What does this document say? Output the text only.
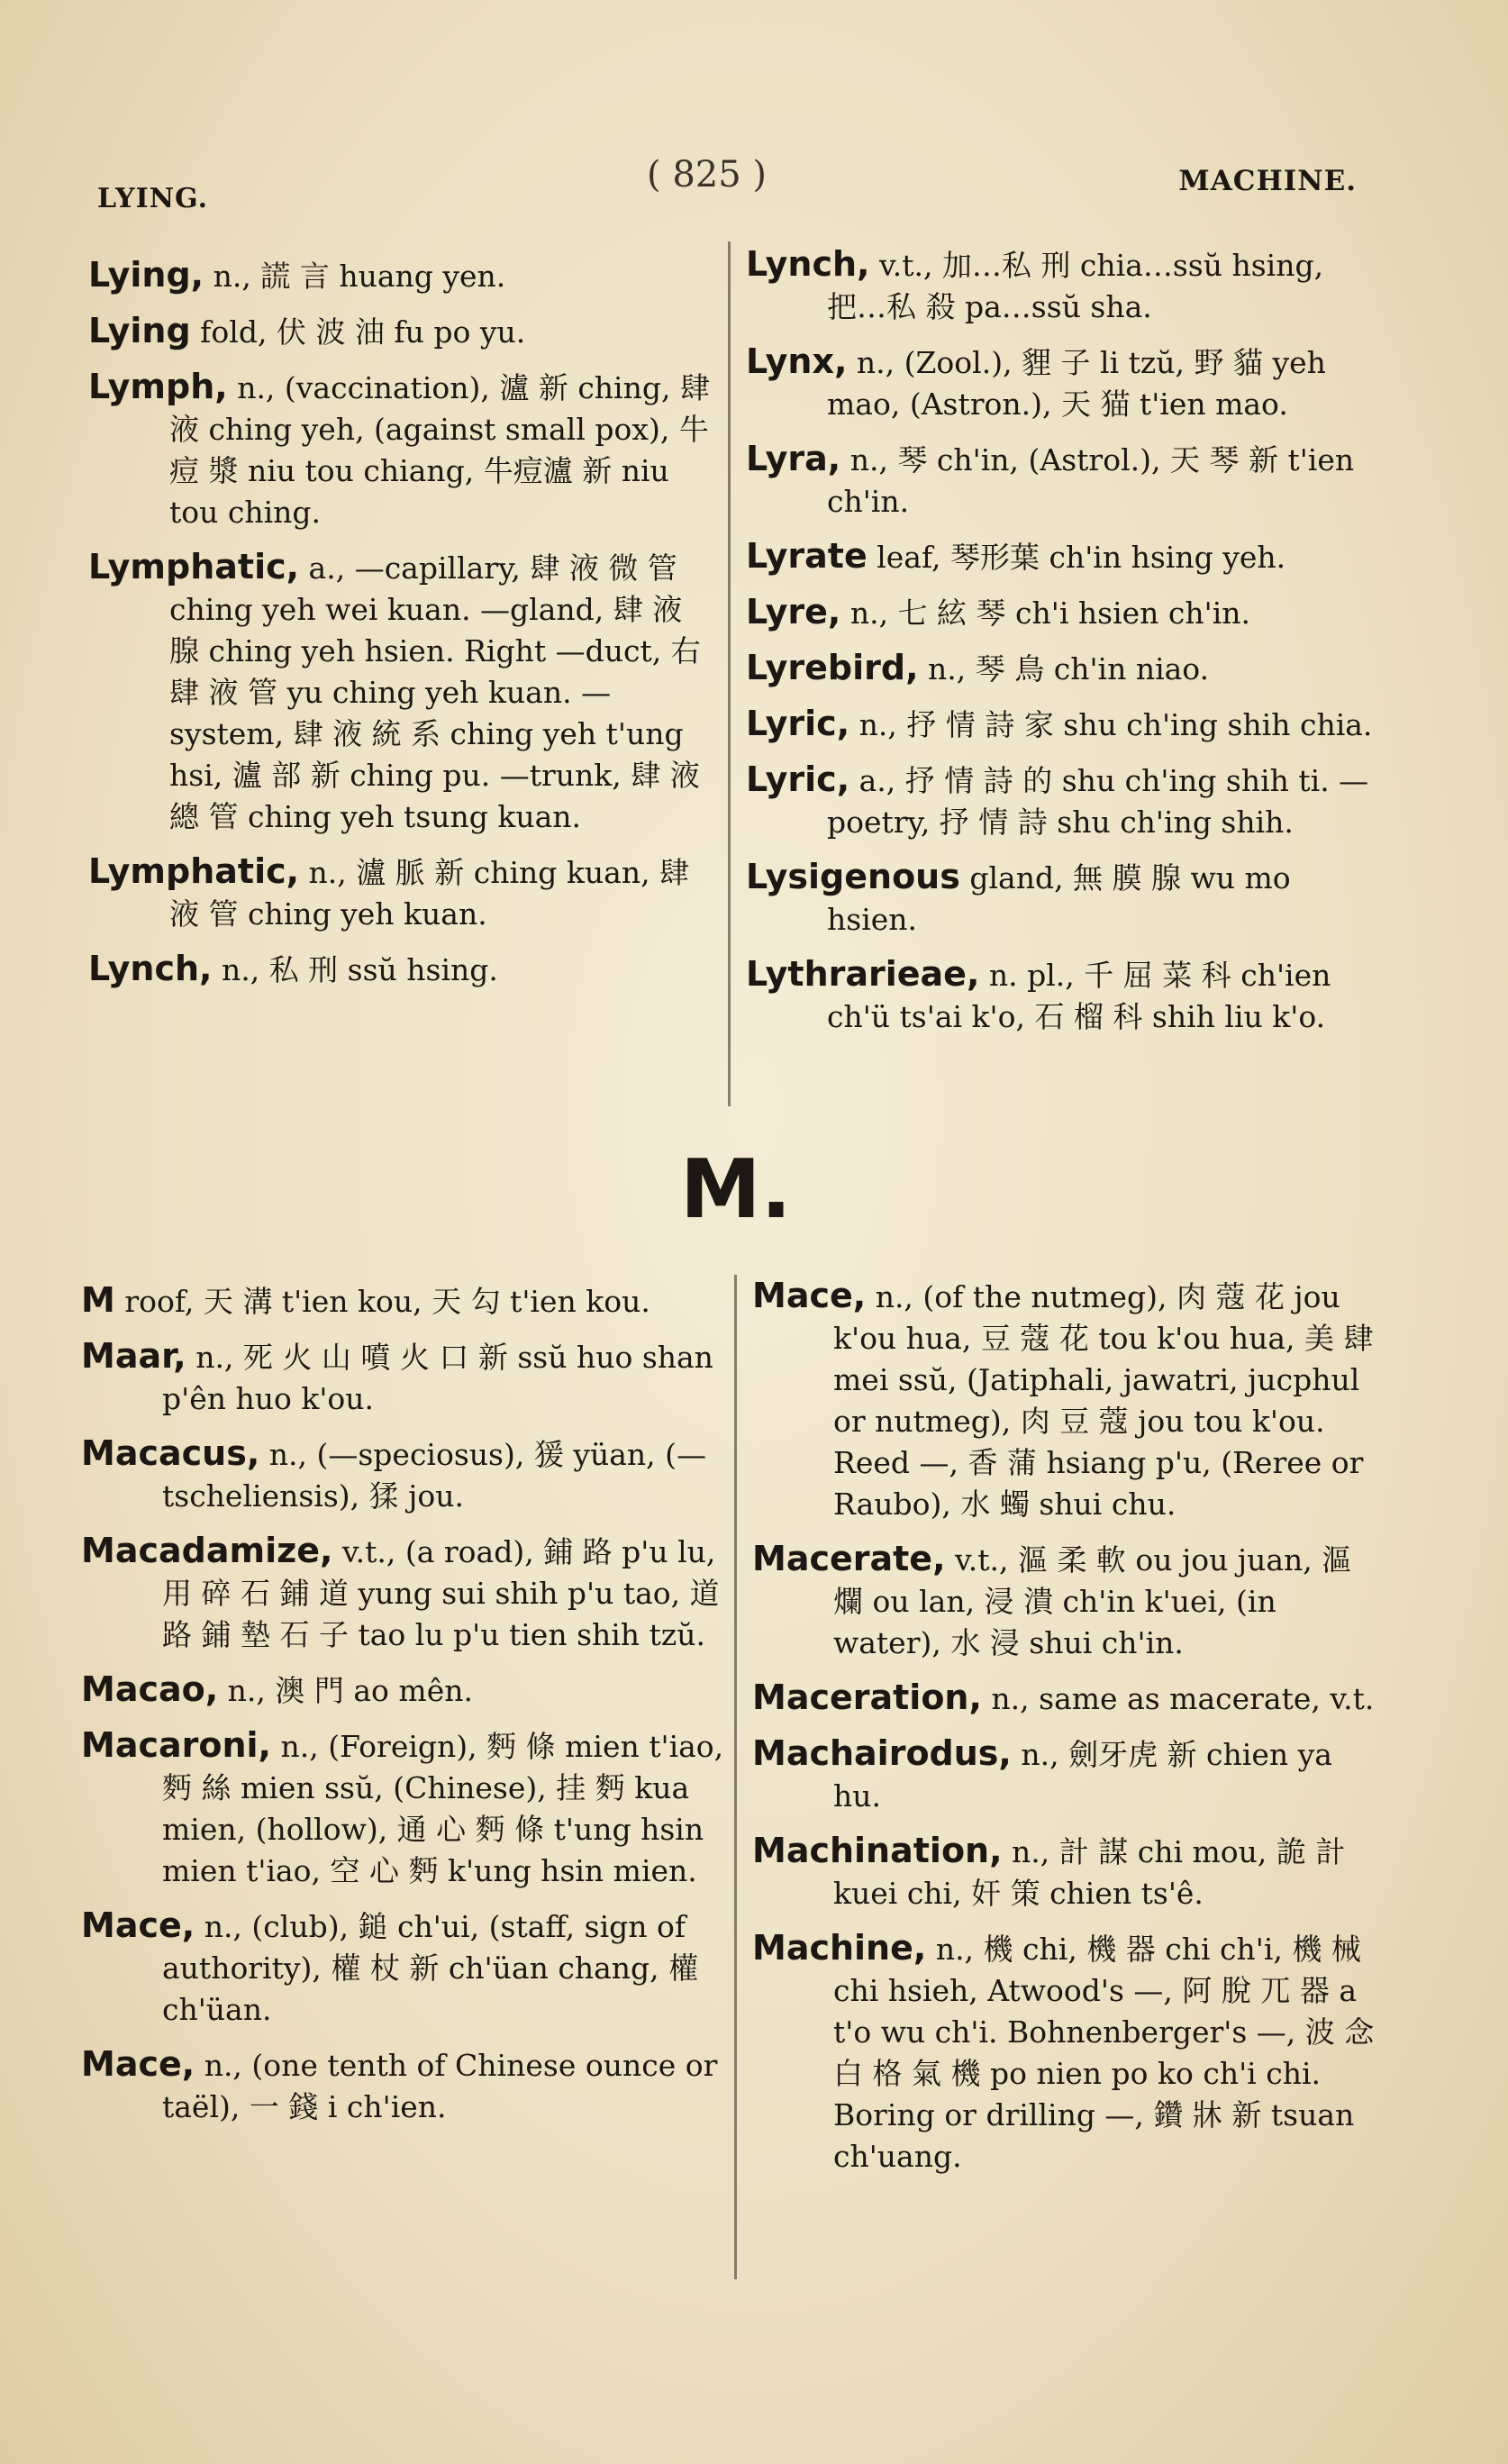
LYING.
( 825 )	MACHINE.
Lying, n., 謊 言 huang yen.
Lying fold, 伏 波 油 fu po yu.
Lymph, n., (vaccination), 瀘 新 ching, 肆 液 ching yeh, (against small pox), 牛 痘 漿 niu tou chiang, 牛痘瀘 新 niu tou ching.
Lymphatic, a., —capillary, 肆 液 微 管 ching yeh wei kuan. —gland, 肆 液 腺 ching yeh hsien. Right —duct, 右 肆 液 管 yu ching yeh kuan. —system, 肆 液 統 系 ching yeh t'ung hsi, 瀘 部 新 ching pu. —trunk, 肆 液 總 管 ching yeh tsung kuan.
Lymphatic, n., 瀘 脈 新 ching kuan, 肆 液 管 ching yeh kuan.
Lynch, n., 私 刑 ssŭ hsing.
Lynch, v.t., 加…私 刑 chia…ssŭ hsing, 把…私 殺 pa…ssŭ sha.
Lynx, n., (Zool.), 貍 子 li tzŭ, 野 貓 yeh mao, (Astron.), 天 猫 t'ien mao.
Lyra, n., 琴 ch'in, (Astrol.), 天 琴 新 t'ien ch'in.
Lyrate leaf, 琴形葉 ch'in hsing yeh.
Lyre, n., 七 絃 琴 ch'i hsien ch'in.
Lyrebird, n., 琴 鳥 ch'in niao.
Lyric, n., 抒 情 詩 家 shu ch'ing shih chia.
Lyric, a., 抒 情 詩 的 shu ch'ing shih ti. —poetry, 抒 情 詩 shu ch'ing shih.
Lysigenous gland, 無 膜 腺 wu mo hsien.
Lythrarieae, n. pl., 千 屈 菜 科 ch'ien ch'ü ts'ai k'o, 石 榴 科 shih liu k'o.
M.
M roof, 天 溝 t'ien kou, 天 勾 t'ien kou.
Maar, n., 死 火 山 噴 火 口 新 ssŭ huo shan p'ên huo k'ou.
Macacus, n., (—speciosus), 猨 yüan, (—tscheliensis), 猱 jou.
Macadamize, v.t., (a road), 鋪 路 p'u lu, 用 碎 石 鋪 道 yung sui shih p'u tao, 道 路 鋪 墊 石 子 tao lu p'u tien shih tzŭ.
Macao, n., 澳 門 ao mên.
Macaroni, n., (Foreign), 麪 條 mien t'iao, 麪 絲 mien ssŭ, (Chinese), 挂 麪 kua mien, (hollow), 通 心 麪 條 t'ung hsin mien t'iao, 空 心 麪 k'ung hsin mien.
Mace, n., (club), 鎚 ch'ui, (staff, sign of authority), 權 杖 新 ch'üan chang, 權 ch'üan.
Mace, n., (one tenth of Chinese ounce or taël), 一 錢 i ch'ien.
Mace, n., (of the nutmeg), 肉 蔻 花 jou k'ou hua, 豆 蔻 花 tou k'ou hua, 美 肆 mei ssŭ, (Jatiphali, jawatri, jucphul or nutmeg), 肉 豆 蔻 jou tou k'ou. Reed —, 香 蒲 hsiang p'u, (Reree or Raubo), 水 蠋 shui chu.
Macerate, v.t., 漚 柔 軟 ou jou juan, 漚 爛 ou lan, 浸 潰 ch'in k'uei, (in water), 水 浸 shui ch'in.
Maceration, n., same as macerate, v.t.
Machairodus, n., 劍牙虎 新 chien ya hu.
Machination, n., 計 謀 chi mou, 詭 計 kuei chi, 奸 策 chien ts'ê.
Machine, n., 機 chi, 機 器 chi ch'i, 機 械 chi hsieh, Atwood's —, 阿 脫 兀 器 a t'o wu ch'i. Bohnenberger's —, 波 念 白 格 氣 機 po nien po ko ch'i chi. Boring or drilling —, 鑽 牀 新 tsuan ch'uang.
